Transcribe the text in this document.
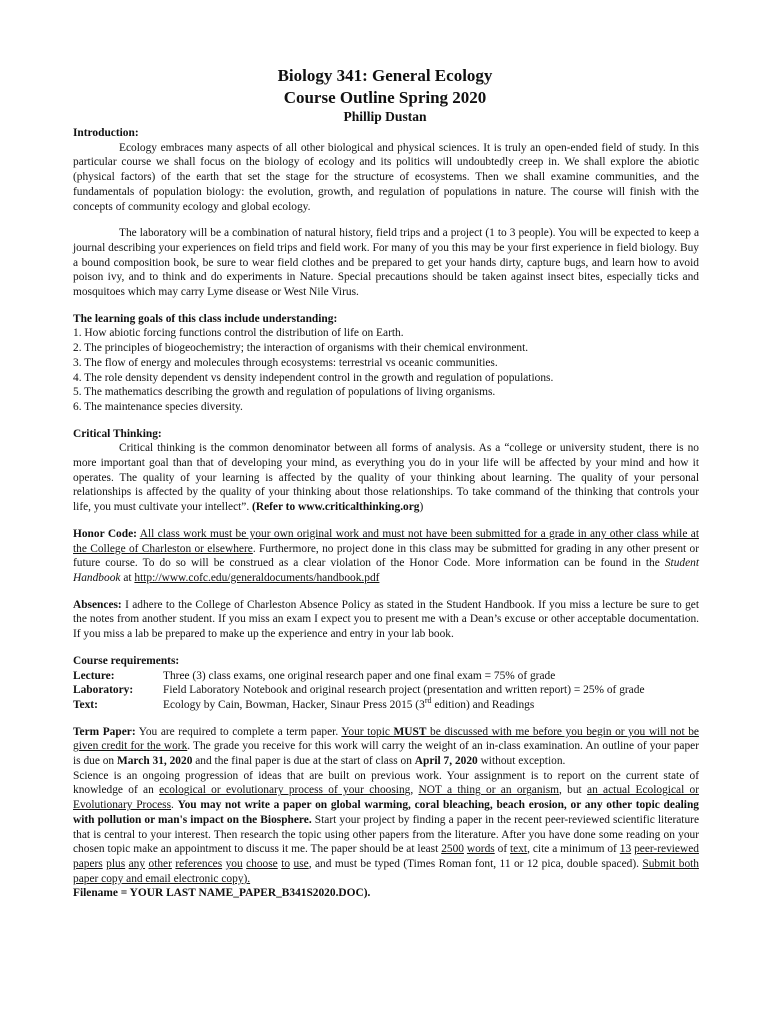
Biology 341: General Ecology
Course Outline Spring 2020
Phillip Dustan
Introduction:

Ecology embraces many aspects of all other biological and physical sciences. It is truly an open-ended field of study. In this particular course we shall focus on the biology of ecology and its politics will undoubtedly creep in. We shall explore the abiotic (physical factors) of the earth that set the stage for the structure of ecosystems. Then we shall examine communities, and the fundamentals of population biology: the evolution, growth, and regulation of populations in nature. The course will finish with the concepts of community ecology and global ecology.

The laboratory will be a combination of natural history, field trips and a project (1 to 3 people). You will be expected to keep a journal describing your experiences on field trips and field work. For many of you this may be your first experience in field biology. Buy a bound composition book, be sure to wear field clothes and be prepared to get your hands dirty, capture bugs, and learn how to avoid poison ivy, and to think and do experiments in Nature. Special precautions should be taken against insect bites, especially ticks and mosquitoes which may carry Lyme disease or West Nile Virus.

The learning goals of this class include understanding:
1. How abiotic forcing functions control the distribution of life on Earth.
2. The principles of biogeochemistry; the interaction of organisms with their chemical environment.
3. The flow of energy and molecules through ecosystems: terrestrial vs oceanic communities.
4. The role density dependent vs density independent control in the growth and regulation of populations.
5. The mathematics describing the growth and regulation of populations of living organisms.
6. The maintenance species diversity.
Critical Thinking:

Critical thinking is the common denominator between all forms of analysis. As a “college or university student, there is no more important goal than that of developing your mind, as everything you do in your life will be affected by your mind and how it operates. The quality of your learning is affected by the quality of your thinking about learning. The quality of your personal relationships is affected by the quality of your thinking about those relationships. To take command of the thinking that controls your life, you must cultivate your intellect”. (Refer to www.criticalthinking.org)

Honor Code: All class work must be your own original work and must not have been submitted for a grade in any other class while at the College of Charleston or elsewhere. Furthermore, no project done in this class may be submitted for grading in any other present or future course. To do so will be construed as a clear violation of the Honor Code. More information can be found in the Student Handbook at http://www.cofc.edu/generaldocuments/handbook.pdf

Absences: I adhere to the College of Charleston Absence Policy as stated in the Student Handbook. If you miss a lecture be sure to get the notes from another student. If you miss an exam I expect you to present me with a Dean’s excuse or other acceptable documentation. If you miss a lab be prepared to make up the experience and entry in your lab book.

Course requirements:
Lecture:	Three (3) class exams, one original research paper and one final exam = 75% of grade
Laboratory:	Field Laboratory Notebook and original research project (presentation and written report) = 25% of grade
Text:	Ecology by Cain, Bowman, Hacker, Sinaur Press 2015 (3rd edition) and Readings

Term Paper: You are required to complete a term paper. Your topic MUST be discussed with me before you begin or you will not be given credit for the work. The grade you receive for this work will carry the weight of an in-class examination. An outline of your paper is due on March 31, 2020 and the final paper is due at the start of class on April 7, 2020 without exception.

Science is an ongoing progression of ideas that are built on previous work. Your assignment is to report on the current state of knowledge of an ecological or evolutionary process of your choosing, NOT a thing or an organism, but an actual Ecological or Evolutionary Process. You may not write a paper on global warming, coral bleaching, beach erosion, or any other topic dealing with pollution or man's impact on the Biosphere. Start your project by finding a paper in the recent peer-reviewed scientific literature that is central to your interest. Then research the topic using other papers from the literature. After you have done some reading on your chosen topic make an appointment to discuss it me. The paper should be at least 2500 words of text, cite a minimum of 13 peer-reviewed papers plus any other references you choose to use, and must be typed (Times Roman font, 11 or 12 pica, double spaced). Submit both paper copy and email electronic copy).

Filename = YOUR LAST NAME_PAPER_B341S2020.DOC).
